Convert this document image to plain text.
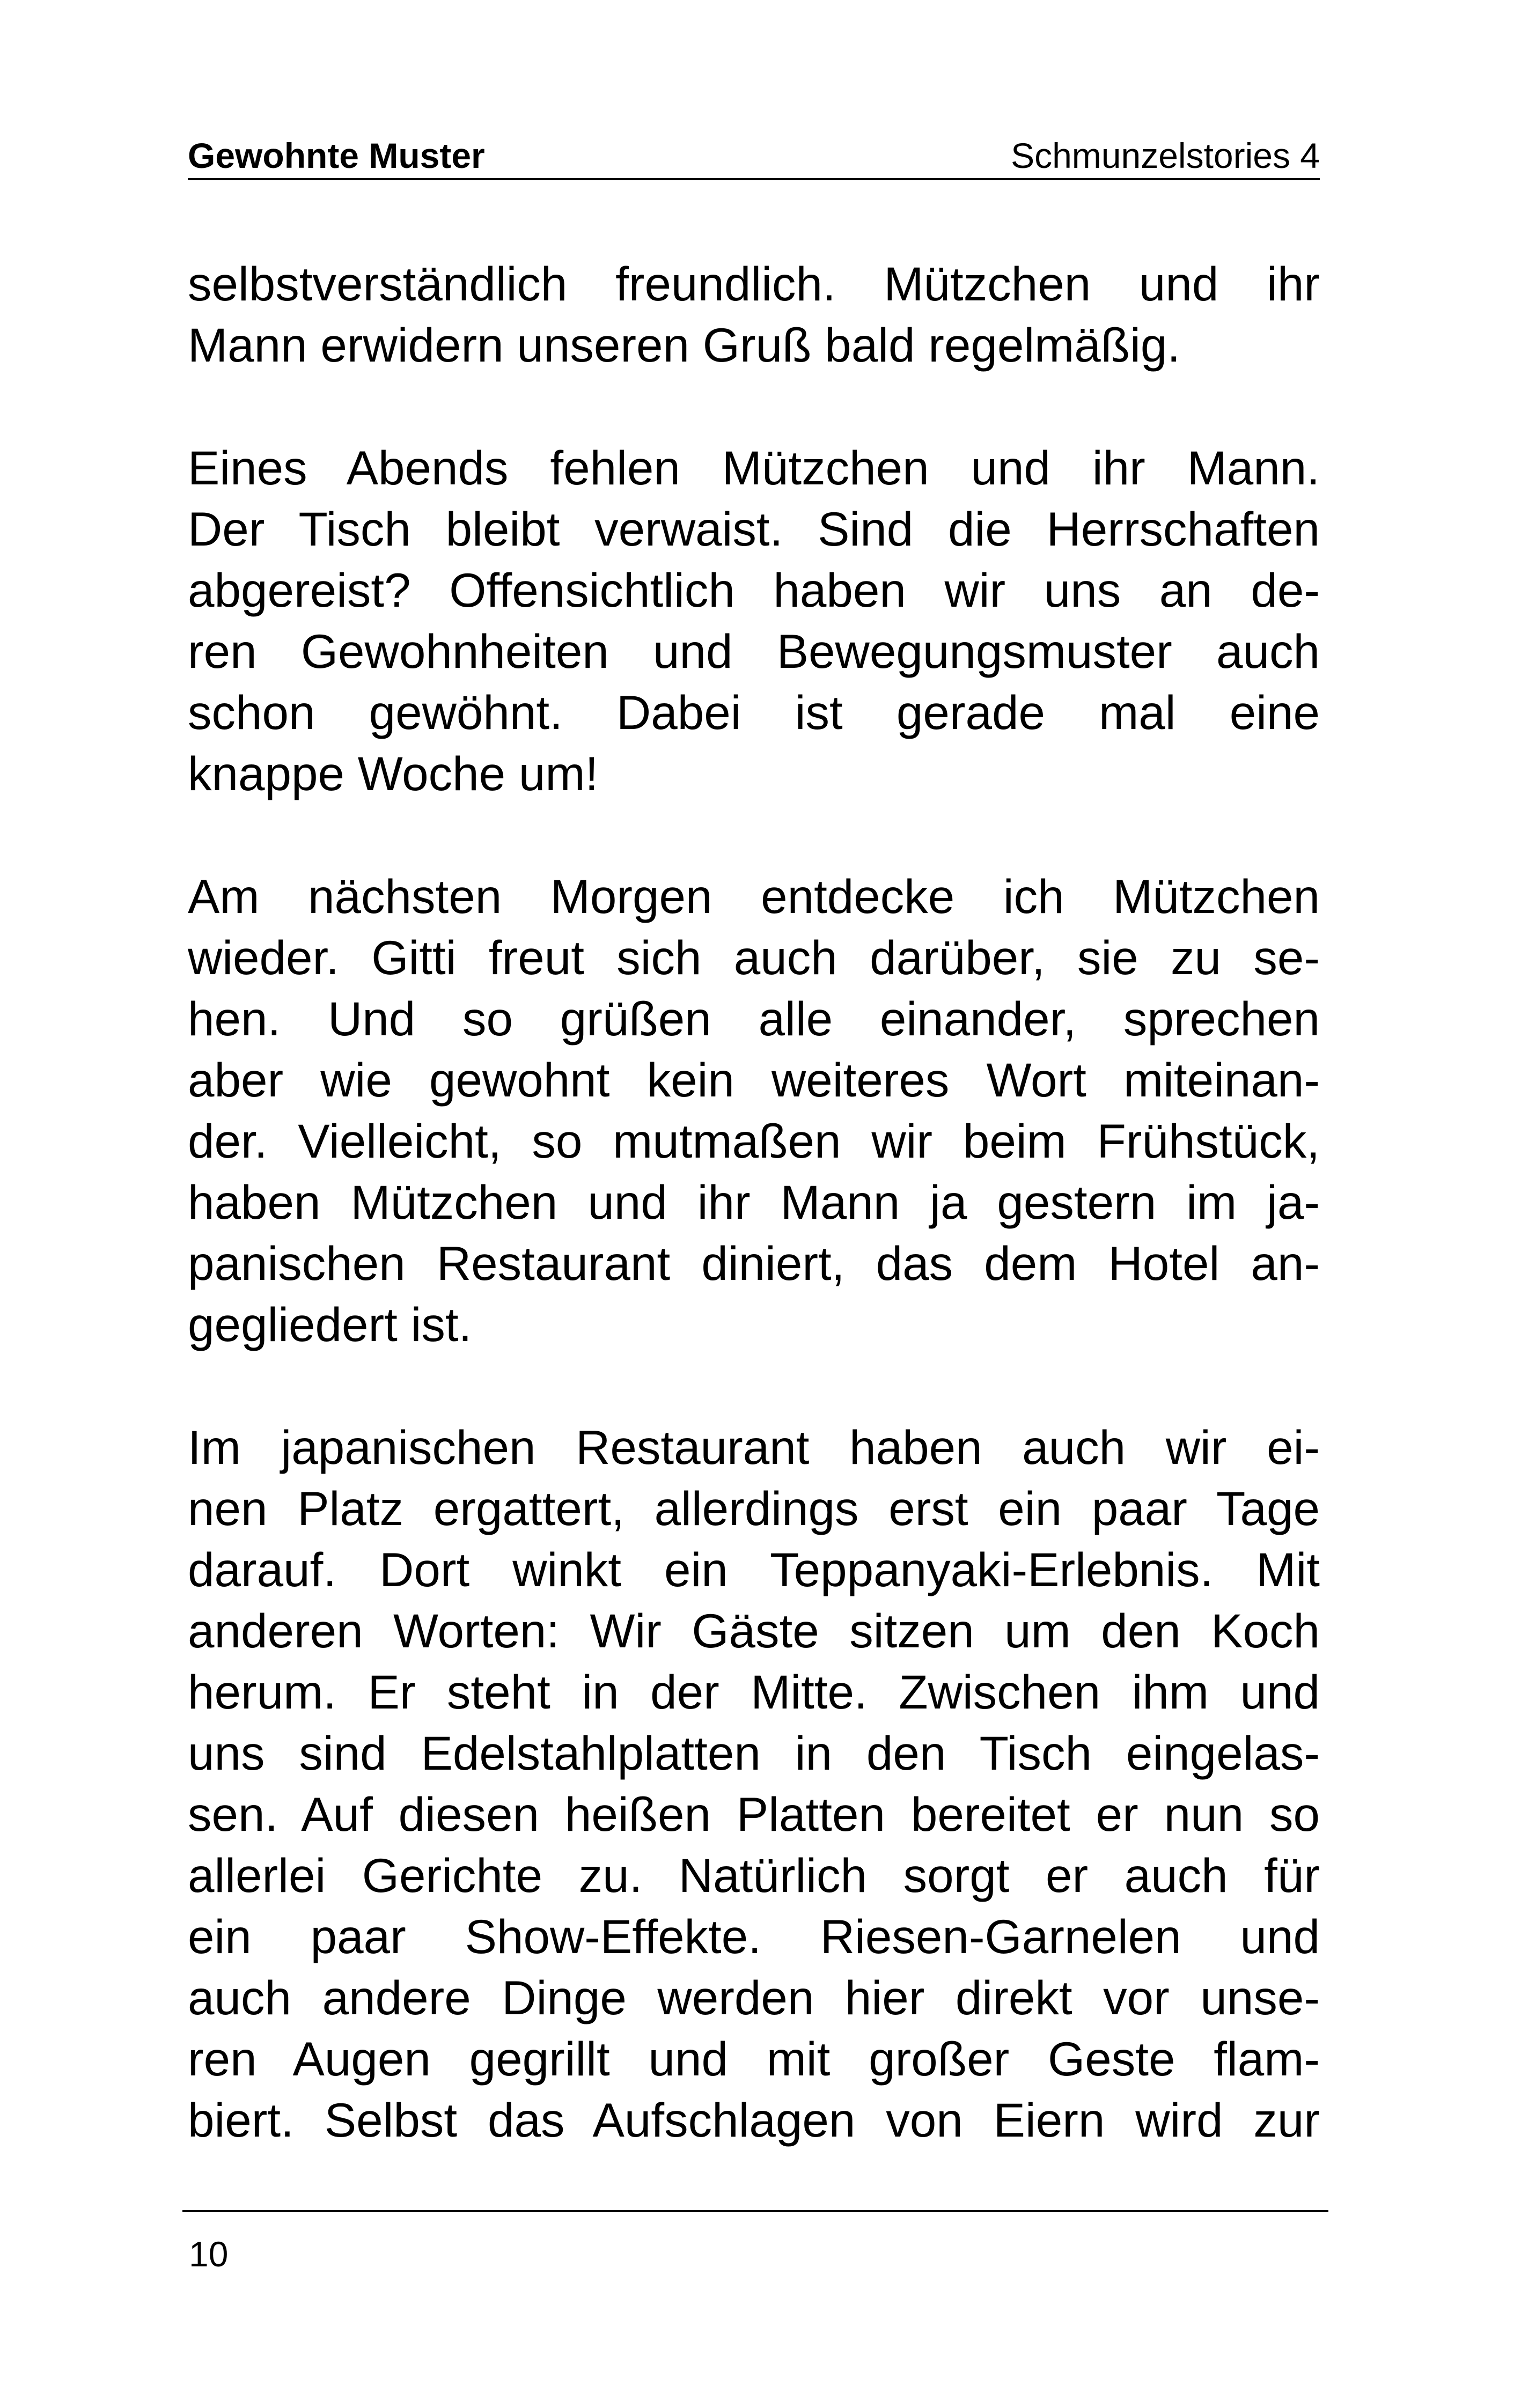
Gewohnte Muster	Schmunzelstories 4

selbstverständlich freundlich. Mützchen und ihr
Mann erwidern unseren Gruß bald regelmäßig.

Eines Abends fehlen Mützchen und ihr Mann.
Der Tisch bleibt verwaist. Sind die Herrschaften
abgereist? Offensichtlich haben wir uns an de-
ren Gewohnheiten und Bewegungsmuster auch
schon gewöhnt. Dabei ist gerade mal eine
knappe Woche um!

Am nächsten Morgen entdecke ich Mützchen
wieder. Gitti freut sich auch darüber, sie zu se-
hen. Und so grüßen alle einander, sprechen
aber wie gewohnt kein weiteres Wort miteinan-
der. Vielleicht, so mutmaßen wir beim Frühstück,
haben Mützchen und ihr Mann ja gestern im ja-
panischen Restaurant diniert, das dem Hotel an-
gegliedert ist.

Im japanischen Restaurant haben auch wir ei-
nen Platz ergattert, allerdings erst ein paar Tage
darauf. Dort winkt ein Teppanyaki-Erlebnis. Mit
anderen Worten: Wir Gäste sitzen um den Koch
herum. Er steht in der Mitte. Zwischen ihm und
uns sind Edelstahlplatten in den Tisch eingelas-
sen. Auf diesen heißen Platten bereitet er nun so
allerlei Gerichte zu. Natürlich sorgt er auch für
ein paar Show-Effekte. Riesen-Garnelen und
auch andere Dinge werden hier direkt vor unse-
ren Augen gegrillt und mit großer Geste flam-
biert. Selbst das Aufschlagen von Eiern wird zur

10
